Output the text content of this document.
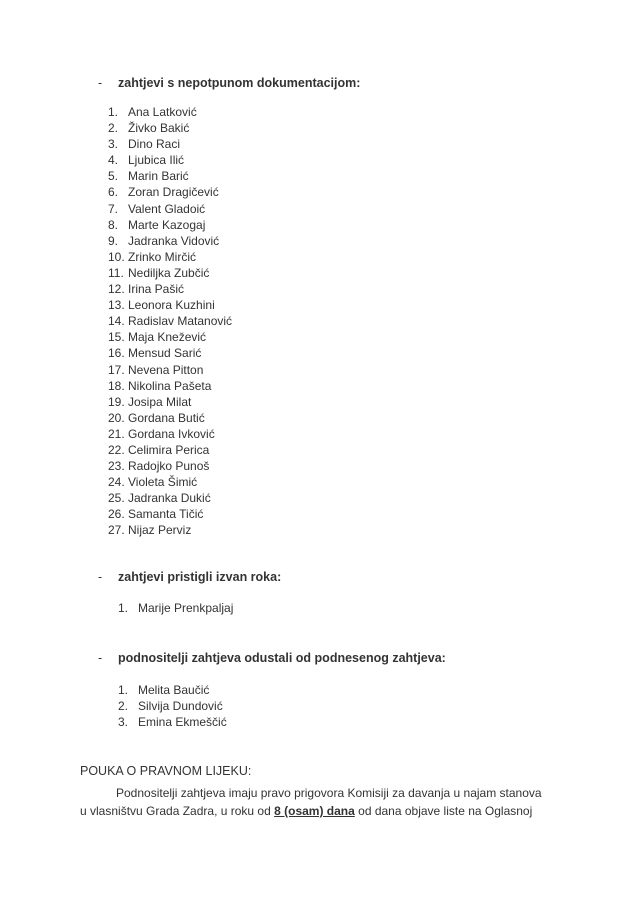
- zahtjevi s nepotpunom dokumentacijom:
1. Ana Latković
2. Živko Bakić
3. Dino Raci
4. Ljubica Ilić
5. Marin Barić
6. Zoran Dragičević
7. Valent Gladoić
8. Marte Kazogaj
9. Jadranka Vidović
10. Zrinko Mirčić
11. Nediljka Zubčić
12. Irina Pašić
13. Leonora Kuzhini
14. Radislav Matanović
15. Maja Knežević
16. Mensud Sarić
17. Nevena Pitton
18. Nikolina Pašeta
19. Josipa Milat
20. Gordana Butić
21. Gordana Ivković
22. Celimira Perica
23. Radojko Punoš
24. Violeta Šimić
25. Jadranka Dukić
26. Samanta Tičić
27. Nijaz Perviz
- zahtjevi pristigli izvan roka:
1. Marije Prenkpalјaj
- podnositelji zahtjeva odustali od podnesenog zahtjeva:
1. Melita Baučić
2. Silvija Dundović
3. Emina Ekmeščić
POUKA O PRAVNOM LIJEKU:
Podnositelji zahtjeva imaju pravo prigovora Komisiji za davanja u najam stanova
u vlasništvu Grada Zadra, u roku od 8 (osam) dana od dana objave liste na Oglasnoj
